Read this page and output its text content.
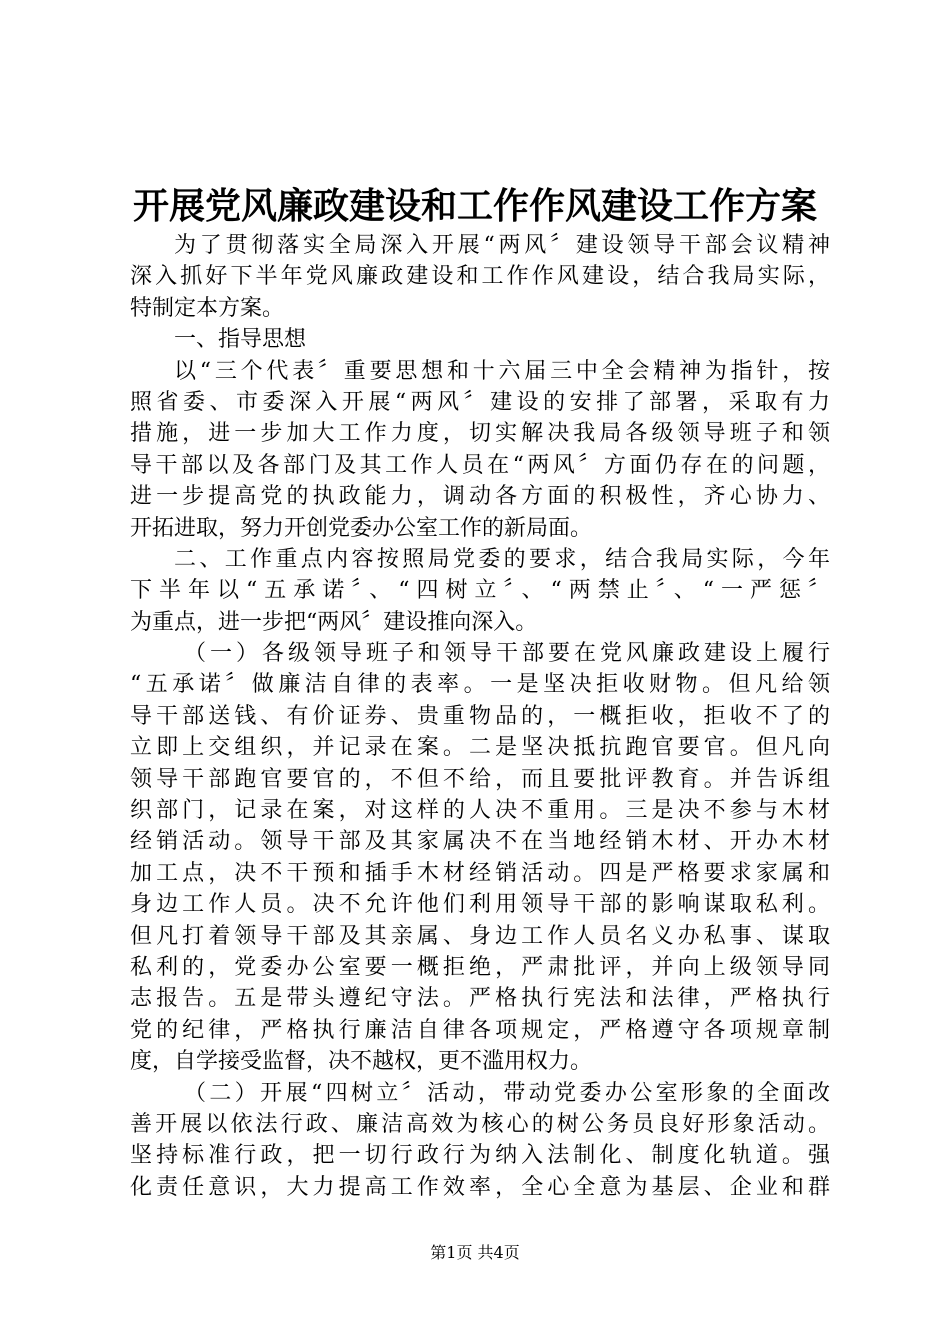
开展党风廉政建设和工作作风建设工作方案
为了贯彻落实全局深入开展“两风〞建设领导干部会议精神
深入抓好下半年党风廉政建设和工作作风建设，结合我局实际，
特制定本方案。
一、指导思想
以“三个代表〞重要思想和十六届三中全会精神为指针，按
照省委、市委深入开展“两风〞建设的安排了部署，采取有力
措施，进一步加大工作力度，切实解决我局各级领导班子和领
导干部以及各部门及其工作人员在“两风〞方面仍存在的问题，
进一步提高党的执政能力，调动各方面的积极性，齐心协力、
开拓进取，努力开创党委办公室工作的新局面。
二、工作重点内容按照局党委的要求，结合我局实际，今年
下半年以“五承诺〞、“四树立〞、“两禁止〞、“一严惩〞
为重点，进一步把“两风〞建设推向深入。
（一）各级领导班子和领导干部要在党风廉政建设上履行
“五承诺〞做廉洁自律的表率。一是坚决拒收财物。但凡给领
导干部送钱、有价证券、贵重物品的，一概拒收，拒收不了的
立即上交组织，并记录在案。二是坚决抵抗跑官要官。但凡向
领导干部跑官要官的，不但不给，而且要批评教育。并告诉组
织部门，记录在案，对这样的人决不重用。三是决不参与木材
经销活动。领导干部及其家属决不在当地经销木材、开办木材
加工点，决不干预和插手木材经销活动。四是严格要求家属和
身边工作人员。决不允许他们利用领导干部的影响谋取私利。
但凡打着领导干部及其亲属、身边工作人员名义办私事、谋取
私利的，党委办公室要一概拒绝，严肃批评，并向上级领导同
志报告。五是带头遵纪守法。严格执行宪法和法律，严格执行
党的纪律，严格执行廉洁自律各项规定，严格遵守各项规章制
度，自学接受监督，决不越权，更不滥用权力。
（二）开展“四树立〞活动，带动党委办公室形象的全面改
善开展以依法行政、廉洁高效为核心的树公务员良好形象活动。
坚持标准行政，把一切行政行为纳入法制化、制度化轨道。强
化责任意识，大力提高工作效率，全心全意为基层、企业和群
第1页 共4页
